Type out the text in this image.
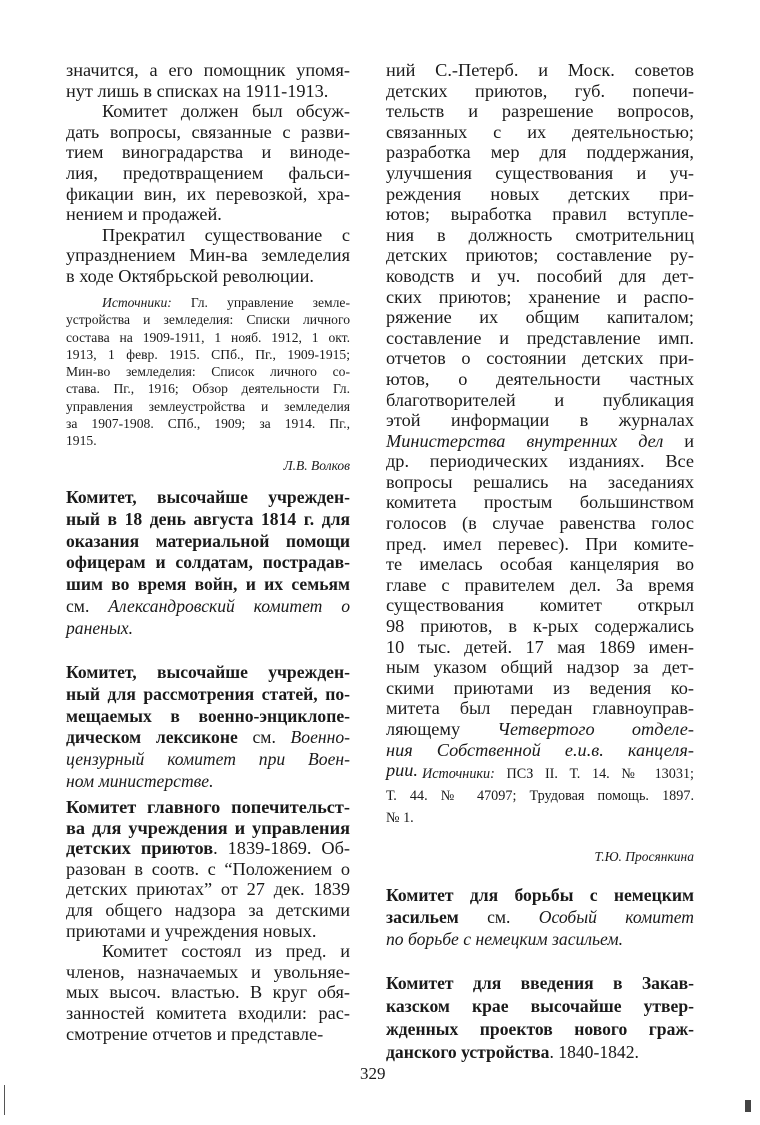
значится, а его помощник упомя-
нут лишь в списках на 1911-1913.
Комитет должен был обсуж-
дать вопросы, связанные с разви-
тием виноградарства и виноде-
лия, предотвращением фальси-
фикации вин, их перевозкой, хра-
нением и продажей.
Прекратил существование с
упразднением Мин-ва земледелия
в ходе Октябрьской революции.
Источники: Гл. управление земле-
устройства и земледелия: Списки личного
состава на 1909-1911, 1 нояб. 1912, 1 окт.
1913, 1 февр. 1915. СПб., Пг., 1909-1915;
Мин-во земледелия: Список личного со-
става. Пг., 1916; Обзор деятельности Гл.
управления землеустройства и земледелия
за 1907-1908. СПб., 1909; за 1914. Пг.,
1915.
Л.В. Волков
Комитет, высочайше учрежден-
ный в 18 день августа 1814 г. для
оказания материальной помощи
офицерам и солдатам, пострадав-
шим во время войн, и их семьям
см. Александровский комитет о
раненых.
Комитет, высочайше учрежден-
ный для рассмотрения статей, по-
мещаемых в военно-энциклопе-
дическом лексиконе см. Военно-
цензурный комитет при Воен-
ном министерстве.
Комитет главного попечительст-
ва для учреждения и управления
детских приютов. 1839-1869. Об-
разован в соотв. с “Положением о
детских приютах” от 27 дек. 1839
для общего надзора за детскими
приютами и учреждения новых.
Комитет состоял из пред. и
членов, назначаемых и увольняе-
мых высоч. властью. В круг обя-
занностей комитета входили: рас-
смотрение отчетов и представле-
ний С.-Петерб. и Моск. советов
детских приютов, губ. попечи-
тельств и разрешение вопросов,
связанных с их деятельностью;
разработка мер для поддержания,
улучшения существования и уч-
реждения новых детских при-
ютов; выработка правил вступле-
ния в должность смотрительниц
детских приютов; составление ру-
ководств и уч. пособий для дет-
ских приютов; хранение и распо-
ряжение их общим капиталом;
составление и представление имп.
отчетов о состоянии детских при-
ютов, о деятельности частных
благотворителей и публикация
этой информации в журналах
Министерства внутренних дел и
др. периодических изданиях. Все
вопросы решались на заседаниях
комитета простым большинством
голосов (в случае равенства голос
пред. имел перевес). При комите-
те имелась особая канцелярия во
главе с правителем дел. За время
существования комитет открыл
98 приютов, в к-рых содержались
10 тыс. детей. 17 мая 1869 имен-
ным указом общий надзор за дет-
скими приютами из ведения ко-
митета был передан главноуправ-
ляющему Четвертого отделе-
ния Собственной е.и.в. канцеля-
рии. Источники: ПСЗ II. Т. 14. № 13031;
Т. 44. № 47097; Трудовая помощь. 1897.
№ 1.
Т.Ю. Просянкина
Комитет для борьбы с немецким
засильем см. Особый комитет
по борьбе с немецким засильем.
Комитет для введения в Закав-
казском крае высочайше утвер-
жденных проектов нового граж-
данского устройства. 1840-1842.
329
